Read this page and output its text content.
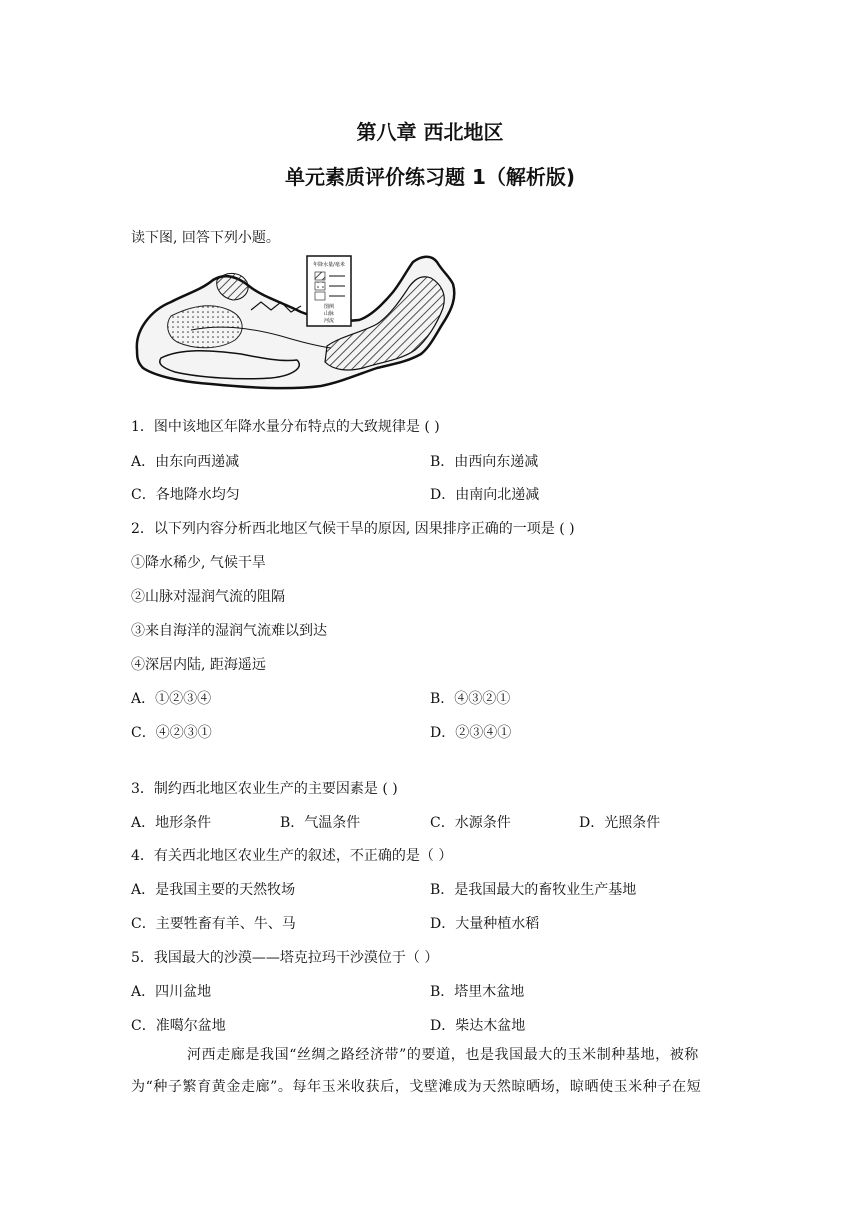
第八章 西北地区
单元素质评价练习题 1（解析版)
读下图, 回答下列小题。
年降水量/毫米
图例
山脉
河流
1．图中该地区年降水量分布特点的大致规律是 ( )
A．由东向西递减	B．由西向东递减
C．各地降水均匀	D．由南向北递减
2．以下列内容分析西北地区气候干旱的原因, 因果排序正确的一项是 ( )
①降水稀少, 气候干旱
②山脉对湿润气流的阻隔
③来自海洋的湿润气流难以到达
④深居内陆, 距海遥远
A．①②③④	B．④③②①
C．④②③①	D．②③④①
3．制约西北地区农业生产的主要因素是 ( )
A．地形条件	B．气温条件	C．水源条件	D．光照条件
4．有关西北地区农业生产的叙述，不正确的是（ ）
A．是我国主要的天然牧场	B．是我国最大的畜牧业生产基地
C．主要牲畜有羊、牛、马	D．大量种植水稻
5．我国最大的沙漠——塔克拉玛干沙漠位于（ ）
A．四川盆地	B．塔里木盆地
C．准噶尔盆地	D．柴达木盆地
河西走廊是我国“丝绸之路经济带”的要道，也是我国最大的玉米制种基地，被称
为“种子繁育黄金走廊”。每年玉米收获后，戈壁滩成为天然晾晒场，晾晒使玉米种子在短
